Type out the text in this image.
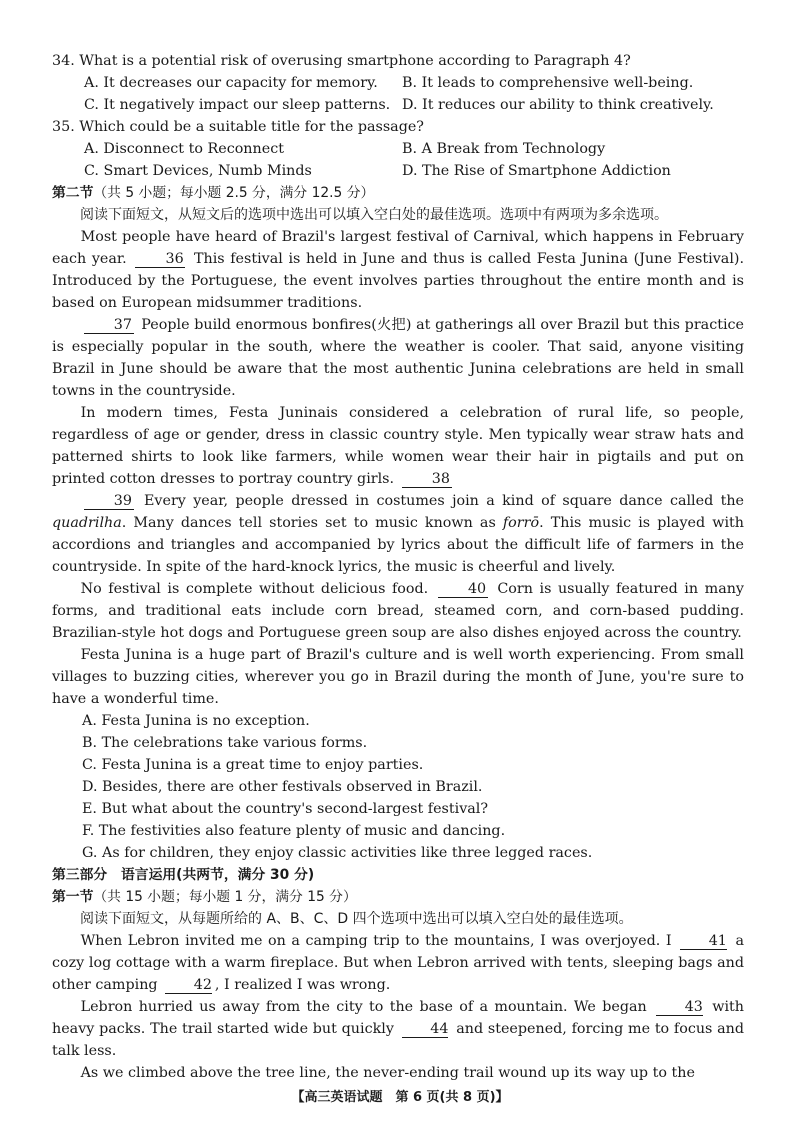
34. What is a potential risk of overusing smartphone according to Paragraph 4?
A. It decreases our capacity for memory.	B. It leads to comprehensive well-being.
C. It negatively impact our sleep patterns. D. It reduces our ability to think creatively.
35. Which could be a suitable title for the passage?
A. Disconnect to Reconnect	B. A Break from Technology
C. Smart Devices, Numb Minds	D. The Rise of Smartphone Addiction
第二节（共 5 小题；每小题 2.5 分，满分 12.5 分）

阅读下面短文，从短文后的选项中选出可以填入空白处的最佳选项。选项中有两项为多余选项。

Most people have heard of Brazil's largest festival of Carnival, which happens in February each year.	36 This festival is held in June and thus is called Festa Junina (June Festival). Introduced by the Portuguese, the event involves parties throughout the entire month and is based on European midsummer traditions.

37 People build enormous bonfires(火把) at gatherings all over Brazil but this practice is especially popular in the south, where the weather is cooler. That said, anyone visiting Brazil in June should be aware that the most authentic Junina celebrations are held in small towns in the countryside.

In modern times, Festa Juninais considered a celebration of rural life, so people, regardless of age or gender, dress in classic country style. Men typically wear straw hats and patterned shirts to look like farmers, while women wear their hair in pigtails and put on printed cotton dresses to portray country girls.	38

39 Every year, people dressed in costumes join a kind of square dance called the quadrilha. Many dances tell stories set to music known as forrō. This music is played with accordions and triangles and accompanied by lyrics about the difficult life of farmers in the countryside. In spite of the hard-knock lyrics, the music is cheerful and lively.

No festival is complete without delicious food.	40 Corn is usually featured in many forms, and traditional eats include corn bread, steamed corn, and corn-based pudding. Brazilian-style hot dogs and Portuguese green soup are also dishes enjoyed across the country.

Festa Junina is a huge part of Brazil's culture and is well worth experiencing. From small villages to buzzing cities, wherever you go in Brazil during the month of June, you're sure to have a wonderful time.

A. Festa Junina is no exception.
B. The celebrations take various forms.
C. Festa Junina is a great time to enjoy parties.
D. Besides, there are other festivals observed in Brazil.
E. But what about the country's second-largest festival?
F. The festivities also feature plenty of music and dancing.
G. As for children, they enjoy classic activities like three legged races.
第三部分　语言运用(共两节，满分 30 分)
第一节（共 15 小题；每小题 1 分，满分 15 分）

阅读下面短文，从每题所给的 A、B、C、D 四个选项中选出可以填入空白处的最佳选项。

When Lebron invited me on a camping trip to the mountains, I was overjoyed. I	41 a cozy log cottage with a warm fireplace. But when Lebron arrived with tents, sleeping bags and other camping	42 , I realized I was wrong.

Lebron hurried us away from the city to the base of a mountain. We began	43 with heavy packs. The trail started wide but quickly	44 and steepened, forcing me to focus and talk less.

As we climbed above the tree line, the never-ending trail wound up its way up to the

【高三英语试题　第 6 页(共 8 页)】
